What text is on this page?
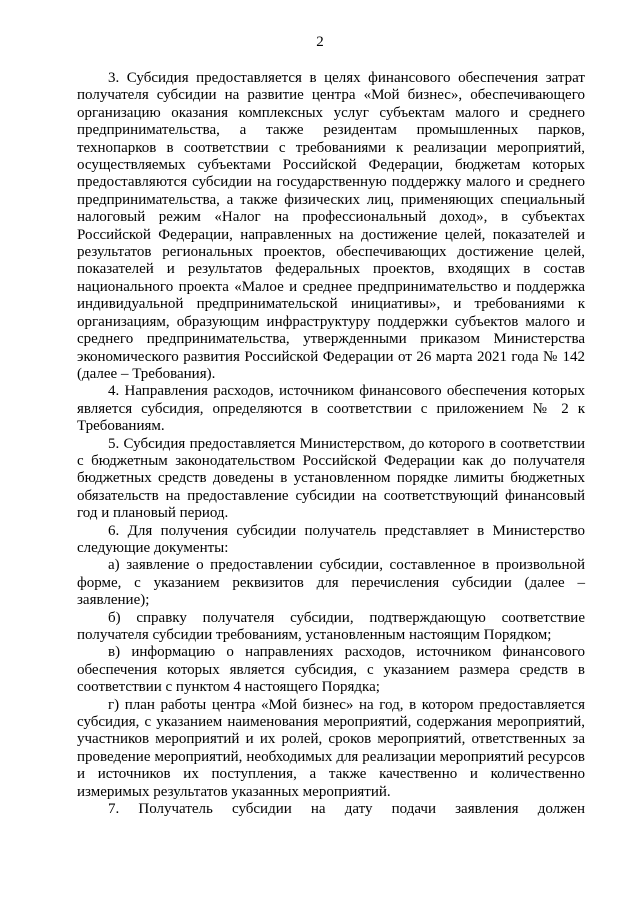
2

3. Субсидия предоставляется в целях финансового обеспечения затрат получателя субсидии на развитие центра «Мой бизнес», обеспечивающего организацию оказания комплексных услуг субъектам малого и среднего предпринимательства, а также резидентам промышленных парков, технопарков в соответствии с требованиями к реализации мероприятий, осуществляемых субъектами Российской Федерации, бюджетам которых предоставляются субсидии на государственную поддержку малого и среднего предпринимательства, а также физических лиц, применяющих специальный налоговый режим «Налог на профессиональный доход», в субъектах Российской Федерации, направленных на достижение целей, показателей и результатов региональных проектов, обеспечивающих достижение целей, показателей и результатов федеральных проектов, входящих в состав национального проекта «Малое и среднее предпринимательство и поддержка индивидуальной предпринимательской инициативы», и требованиями к организациям, образующим инфраструктуру поддержки субъектов малого и среднего предпринимательства, утвержденными приказом Министерства экономического развития Российской Федерации от 26 марта 2021 года № 142 (далее – Требования).

4. Направления расходов, источником финансового обеспечения которых является субсидия, определяются в соответствии с приложением № 2 к Требованиям.

5. Субсидия предоставляется Министерством, до которого в соответствии с бюджетным законодательством Российской Федерации как до получателя бюджетных средств доведены в установленном порядке лимиты бюджетных обязательств на предоставление субсидии на соответствующий финансовый год и плановый период.

6. Для получения субсидии получатель представляет в Министерство следующие документы:

а) заявление о предоставлении субсидии, составленное в произвольной форме, с указанием реквизитов для перечисления субсидии (далее – заявление);

б) справку получателя субсидии, подтверждающую соответствие получателя субсидии требованиям, установленным настоящим Порядком;

в) информацию о направлениях расходов, источником финансового обеспечения которых является субсидия, с указанием размера средств в соответствии с пунктом 4 настоящего Порядка;

г) план работы центра «Мой бизнес» на год, в котором предоставляется субсидия, с указанием наименования мероприятий, содержания мероприятий, участников мероприятий и их ролей, сроков мероприятий, ответственных за проведение мероприятий, необходимых для реализации мероприятий ресурсов и источников их поступления, а также качественно и количественно измеримых результатов указанных мероприятий.

7. Получатель субсидии на дату подачи заявления должен
